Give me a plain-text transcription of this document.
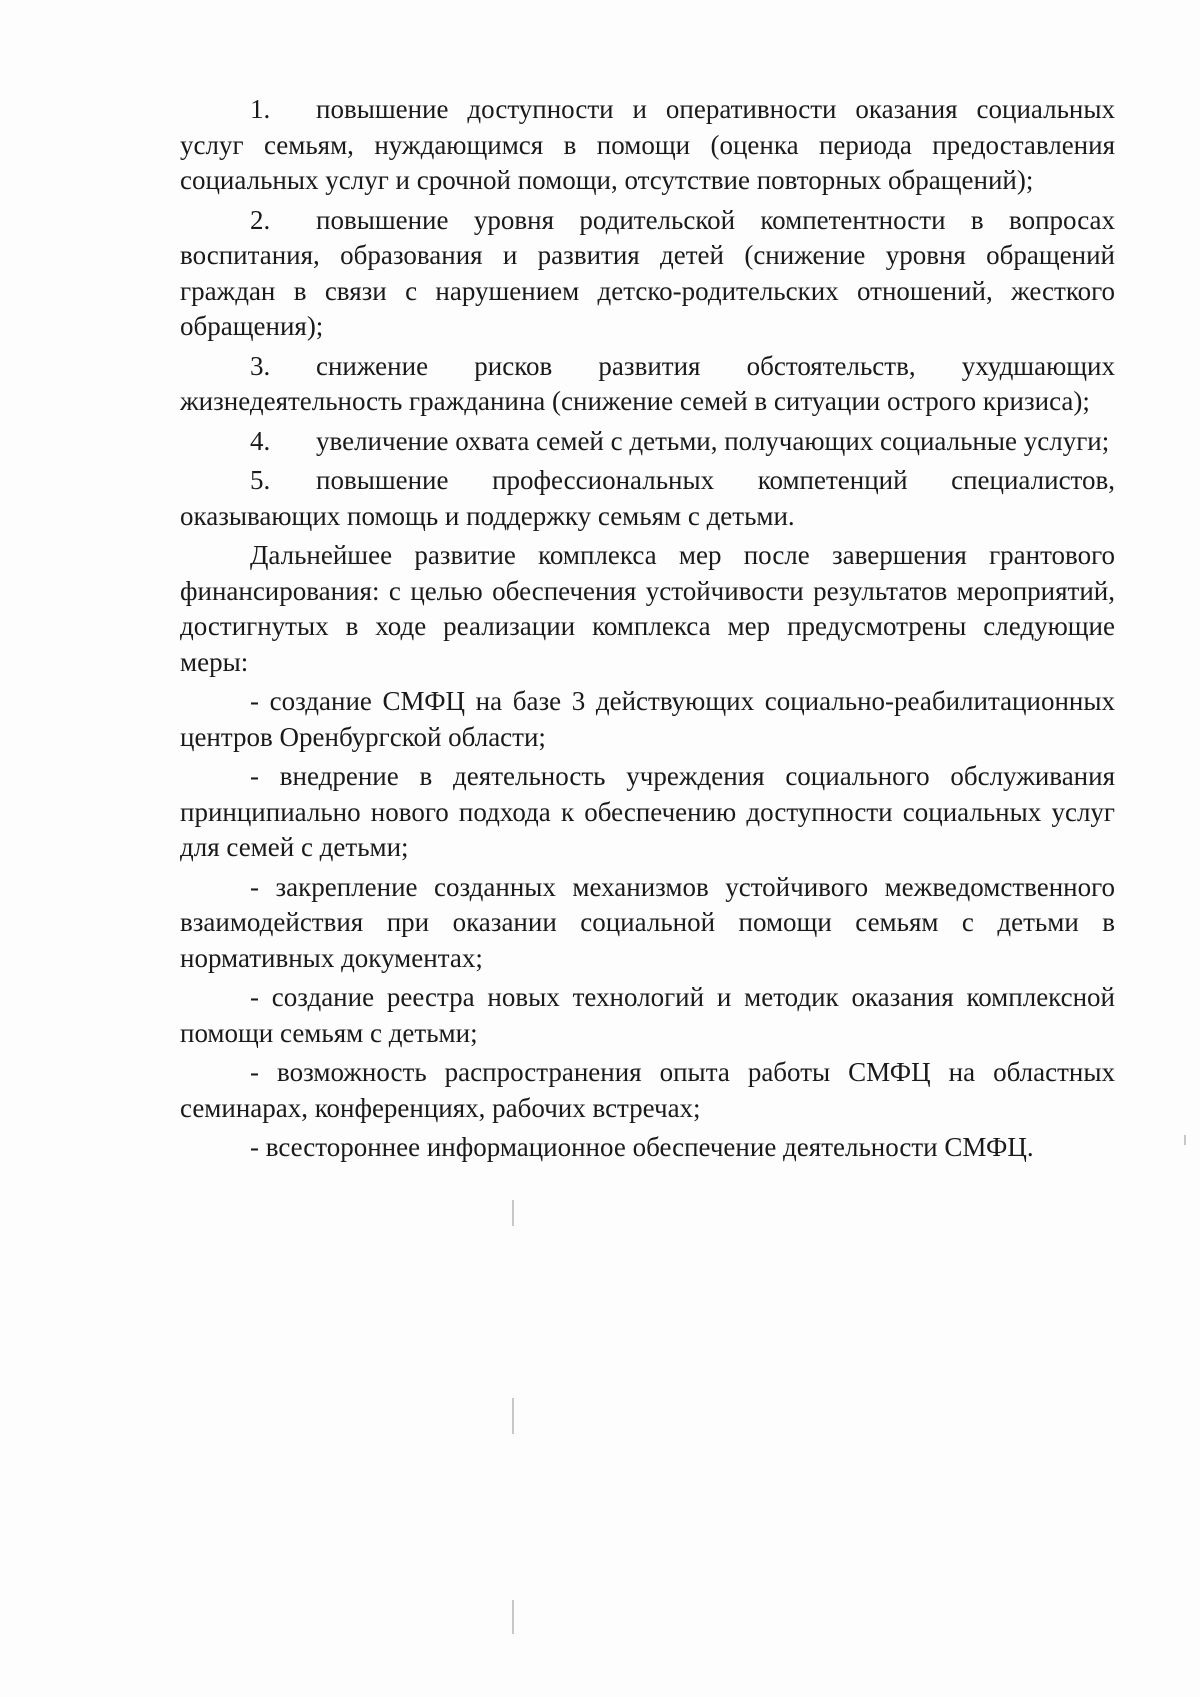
1. повышение доступности и оперативности оказания социальных услуг семьям, нуждающимся в помощи (оценка периода предоставления социальных услуг и срочной помощи, отсутствие повторных обращений);

2. повышение уровня родительской компетентности в вопросах воспитания, образования и развития детей (снижение уровня обращений граждан в связи с нарушением детско-родительских отношений, жесткого обращения);

3. снижение рисков развития обстоятельств, ухудшающих жизнедеятельность гражданина (снижение семей в ситуации острого кризиса);

4. увеличение охвата семей с детьми, получающих социальные услуги;

5. повышение профессиональных компетенций специалистов, оказывающих помощь и поддержку семьям с детьми.

Дальнейшее развитие комплекса мер после завершения грантового финансирования: с целью обеспечения устойчивости результатов мероприятий, достигнутых в ходе реализации комплекса мер предусмотрены следующие меры:

- создание СМФЦ на базе 3 действующих социально-реабилитационных центров Оренбургской области;

- внедрение в деятельность учреждения социального обслуживания принципиально нового подхода к обеспечению доступности социальных услуг для семей с детьми;

- закрепление созданных механизмов устойчивого межведомственного взаимодействия при оказании социальной помощи семьям с детьми в нормативных документах;

- создание реестра новых технологий и методик оказания комплексной помощи семьям с детьми;

- возможность распространения опыта работы СМФЦ на областных семинарах, конференциях, рабочих встречах;

- всестороннее информационное обеспечение деятельности СМФЦ.
